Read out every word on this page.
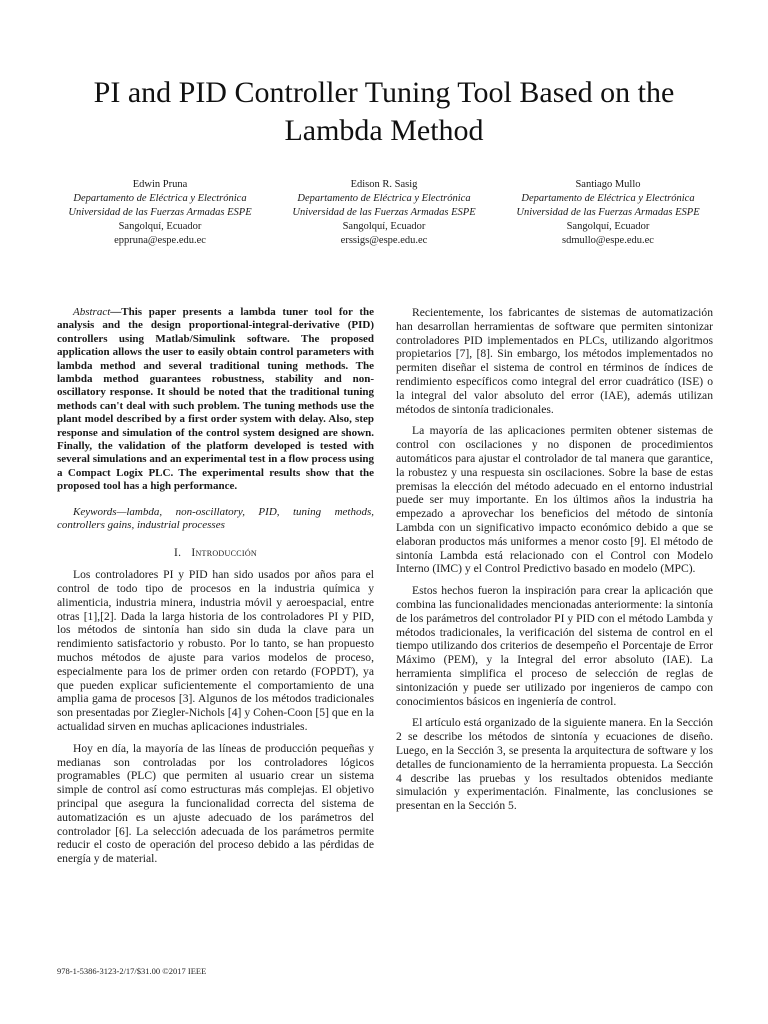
PI and PID Controller Tuning Tool Based on the Lambda Method
Edwin Pruna
Departamento de Eléctrica y Electrónica
Universidad de las Fuerzas Armadas ESPE
Sangolquí, Ecuador
eppruna@espe.edu.ec
Edison R. Sasig
Departamento de Eléctrica y Electrónica
Universidad de las Fuerzas Armadas ESPE
Sangolquí, Ecuador
erssigs@espe.edu.ec
Santiago Mullo
Departamento de Eléctrica y Electrónica
Universidad de las Fuerzas Armadas ESPE
Sangolquí, Ecuador
sdmullo@espe.edu.ec

Abstract—This paper presents a lambda tuner tool for the analysis and the design proportional-integral-derivative (PID) controllers using Matlab/Simulink software. The proposed application allows the user to easily obtain control parameters with lambda method and several traditional tuning methods. The lambda method guarantees robustness, stability and non-oscillatory response. It should be noted that the traditional tuning methods can't deal with such problem. The tuning methods use the plant model described by a first order system with delay. Also, step response and simulation of the control system designed are shown. Finally, the validation of the platform developed is tested with several simulations and an experimental test in a flow process using a Compact Logix PLC. The experimental results show that the proposed tool has a high performance.

Keywords—lambda, non-oscillatory, PID, tuning methods, controllers gains, industrial processes

I. Introducción

Los controladores PI y PID han sido usados por años para el control de todo tipo de procesos en la industria química y alimenticia, industria minera, industria móvil y aeroespacial, entre otras [1],[2]. Dada la larga historia de los controladores PI y PID, los métodos de sintonía han sido sin duda la clave para un rendimiento satisfactorio y robusto. Por lo tanto, se han propuesto muchos métodos de ajuste para varios modelos de proceso, especialmente para los de primer orden con retardo (FOPDT), ya que pueden explicar suficientemente el comportamiento de una amplia gama de procesos [3]. Algunos de los métodos tradicionales son presentadas por Ziegler-Nichols [4] y Cohen-Coon [5] que en la actualidad sirven en muchas aplicaciones industriales.

Hoy en día, la mayoría de las líneas de producción pequeñas y medianas son controladas por los controladores lógicos programables (PLC) que permiten al usuario crear un sistema simple de control así como estructuras más complejas. El objetivo principal que asegura la funcionalidad correcta del sistema de automatización es un ajuste adecuado de los parámetros del controlador [6]. La selección adecuada de los parámetros permite reducir el costo de operación del proceso debido a las pérdidas de energía y de material.

Recientemente, los fabricantes de sistemas de automatización han desarrollan herramientas de software que permiten sintonizar controladores PID implementados en PLCs, utilizando algoritmos propietarios [7], [8]. Sin embargo, los métodos implementados no permiten diseñar el sistema de control en términos de índices de rendimiento específicos como integral del error cuadrático (ISE) o la integral del valor absoluto del error (IAE), además utilizan métodos de sintonía tradicionales.

La mayoría de las aplicaciones permiten obtener sistemas de control con oscilaciones y no disponen de procedimientos automáticos para ajustar el controlador de tal manera que garantice, la robustez y una respuesta sin oscilaciones. Sobre la base de estas premisas la elección del método adecuado en el entorno industrial puede ser muy importante. En los últimos años la industria ha empezado a aprovechar los beneficios del método de sintonía Lambda con un significativo impacto económico debido a que se elaboran productos más uniformes a menor costo [9]. El método de sintonía Lambda está relacionado con el Control con Modelo Interno (IMC) y el Control Predictivo basado en modelo (MPC).

Estos hechos fueron la inspiración para crear la aplicación que combina las funcionalidades mencionadas anteriormente: la sintonía de los parámetros del controlador PI y PID con el método Lambda y métodos tradicionales, la verificación del sistema de control en el tiempo utilizando dos criterios de desempeño el Porcentaje de Error Máximo (PEM), y la Integral del error absoluto (IAE). La herramienta simplifica el proceso de selección de reglas de sintonización y puede ser utilizado por ingenieros de campo con conocimientos básicos en ingeniería de control.

El artículo está organizado de la siguiente manera. En la Sección 2 se describe los métodos de sintonía y ecuaciones de diseño. Luego, en la Sección 3, se presenta la arquitectura de software y los detalles de funcionamiento de la herramienta propuesta. La Sección 4 describe las pruebas y los resultados obtenidos mediante simulación y experimentación. Finalmente, las conclusiones se presentan en la Sección 5.

978-1-5386-3123-2/17/$31.00 ©2017 IEEE
